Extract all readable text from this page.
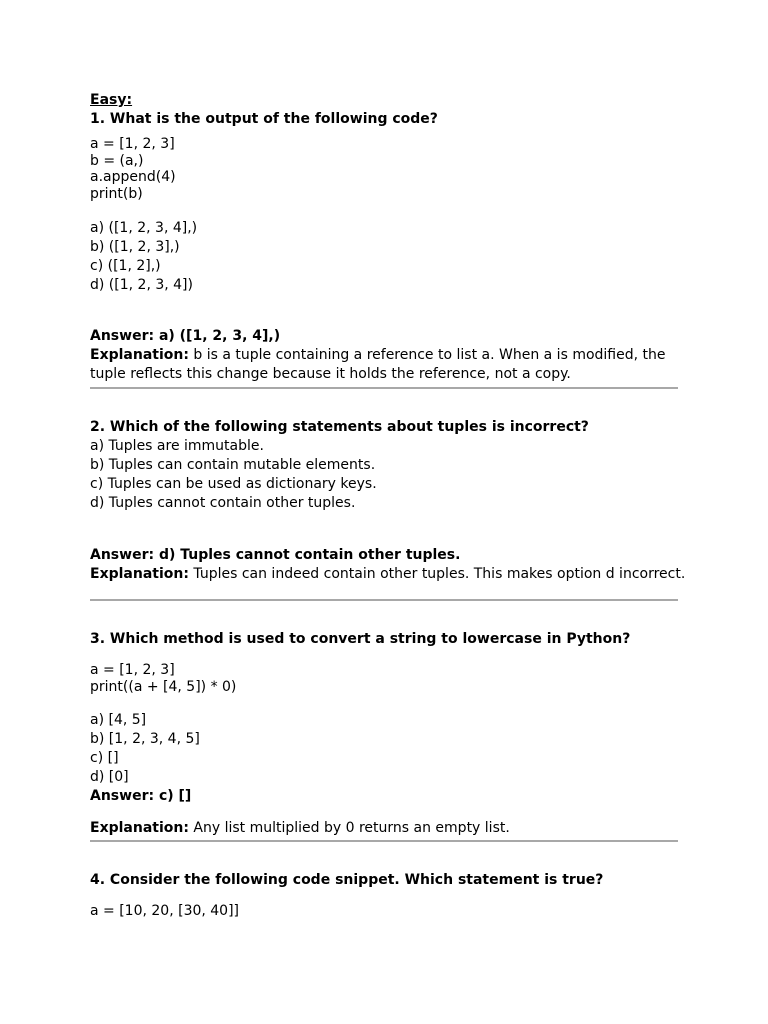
Easy:
1. What is the output of the following code?
a = [1, 2, 3]
b = (a,)
a.append(4)
print(b)
a) ([1, 2, 3, 4],)
b) ([1, 2, 3],)
c) ([1, 2],)
d) ([1, 2, 3, 4])
Answer: a) ([1, 2, 3, 4],)
Explanation: b is a tuple containing a reference to list a. When a is modified, the
tuple reflects this change because it holds the reference, not a copy.
2. Which of the following statements about tuples is incorrect?
a) Tuples are immutable.
b) Tuples can contain mutable elements.
c) Tuples can be used as dictionary keys.
d) Tuples cannot contain other tuples.
Answer: d) Tuples cannot contain other tuples.
Explanation: Tuples can indeed contain other tuples. This makes option d incorrect.
3. Which method is used to convert a string to lowercase in Python?
a = [1, 2, 3]
print((a + [4, 5]) * 0)
a) [4, 5]
b) [1, 2, 3, 4, 5]
c) []
d) [0]
Answer: c) []
Explanation: Any list multiplied by 0 returns an empty list.
4. Consider the following code snippet. Which statement is true?
a = [10, 20, [30, 40]]
